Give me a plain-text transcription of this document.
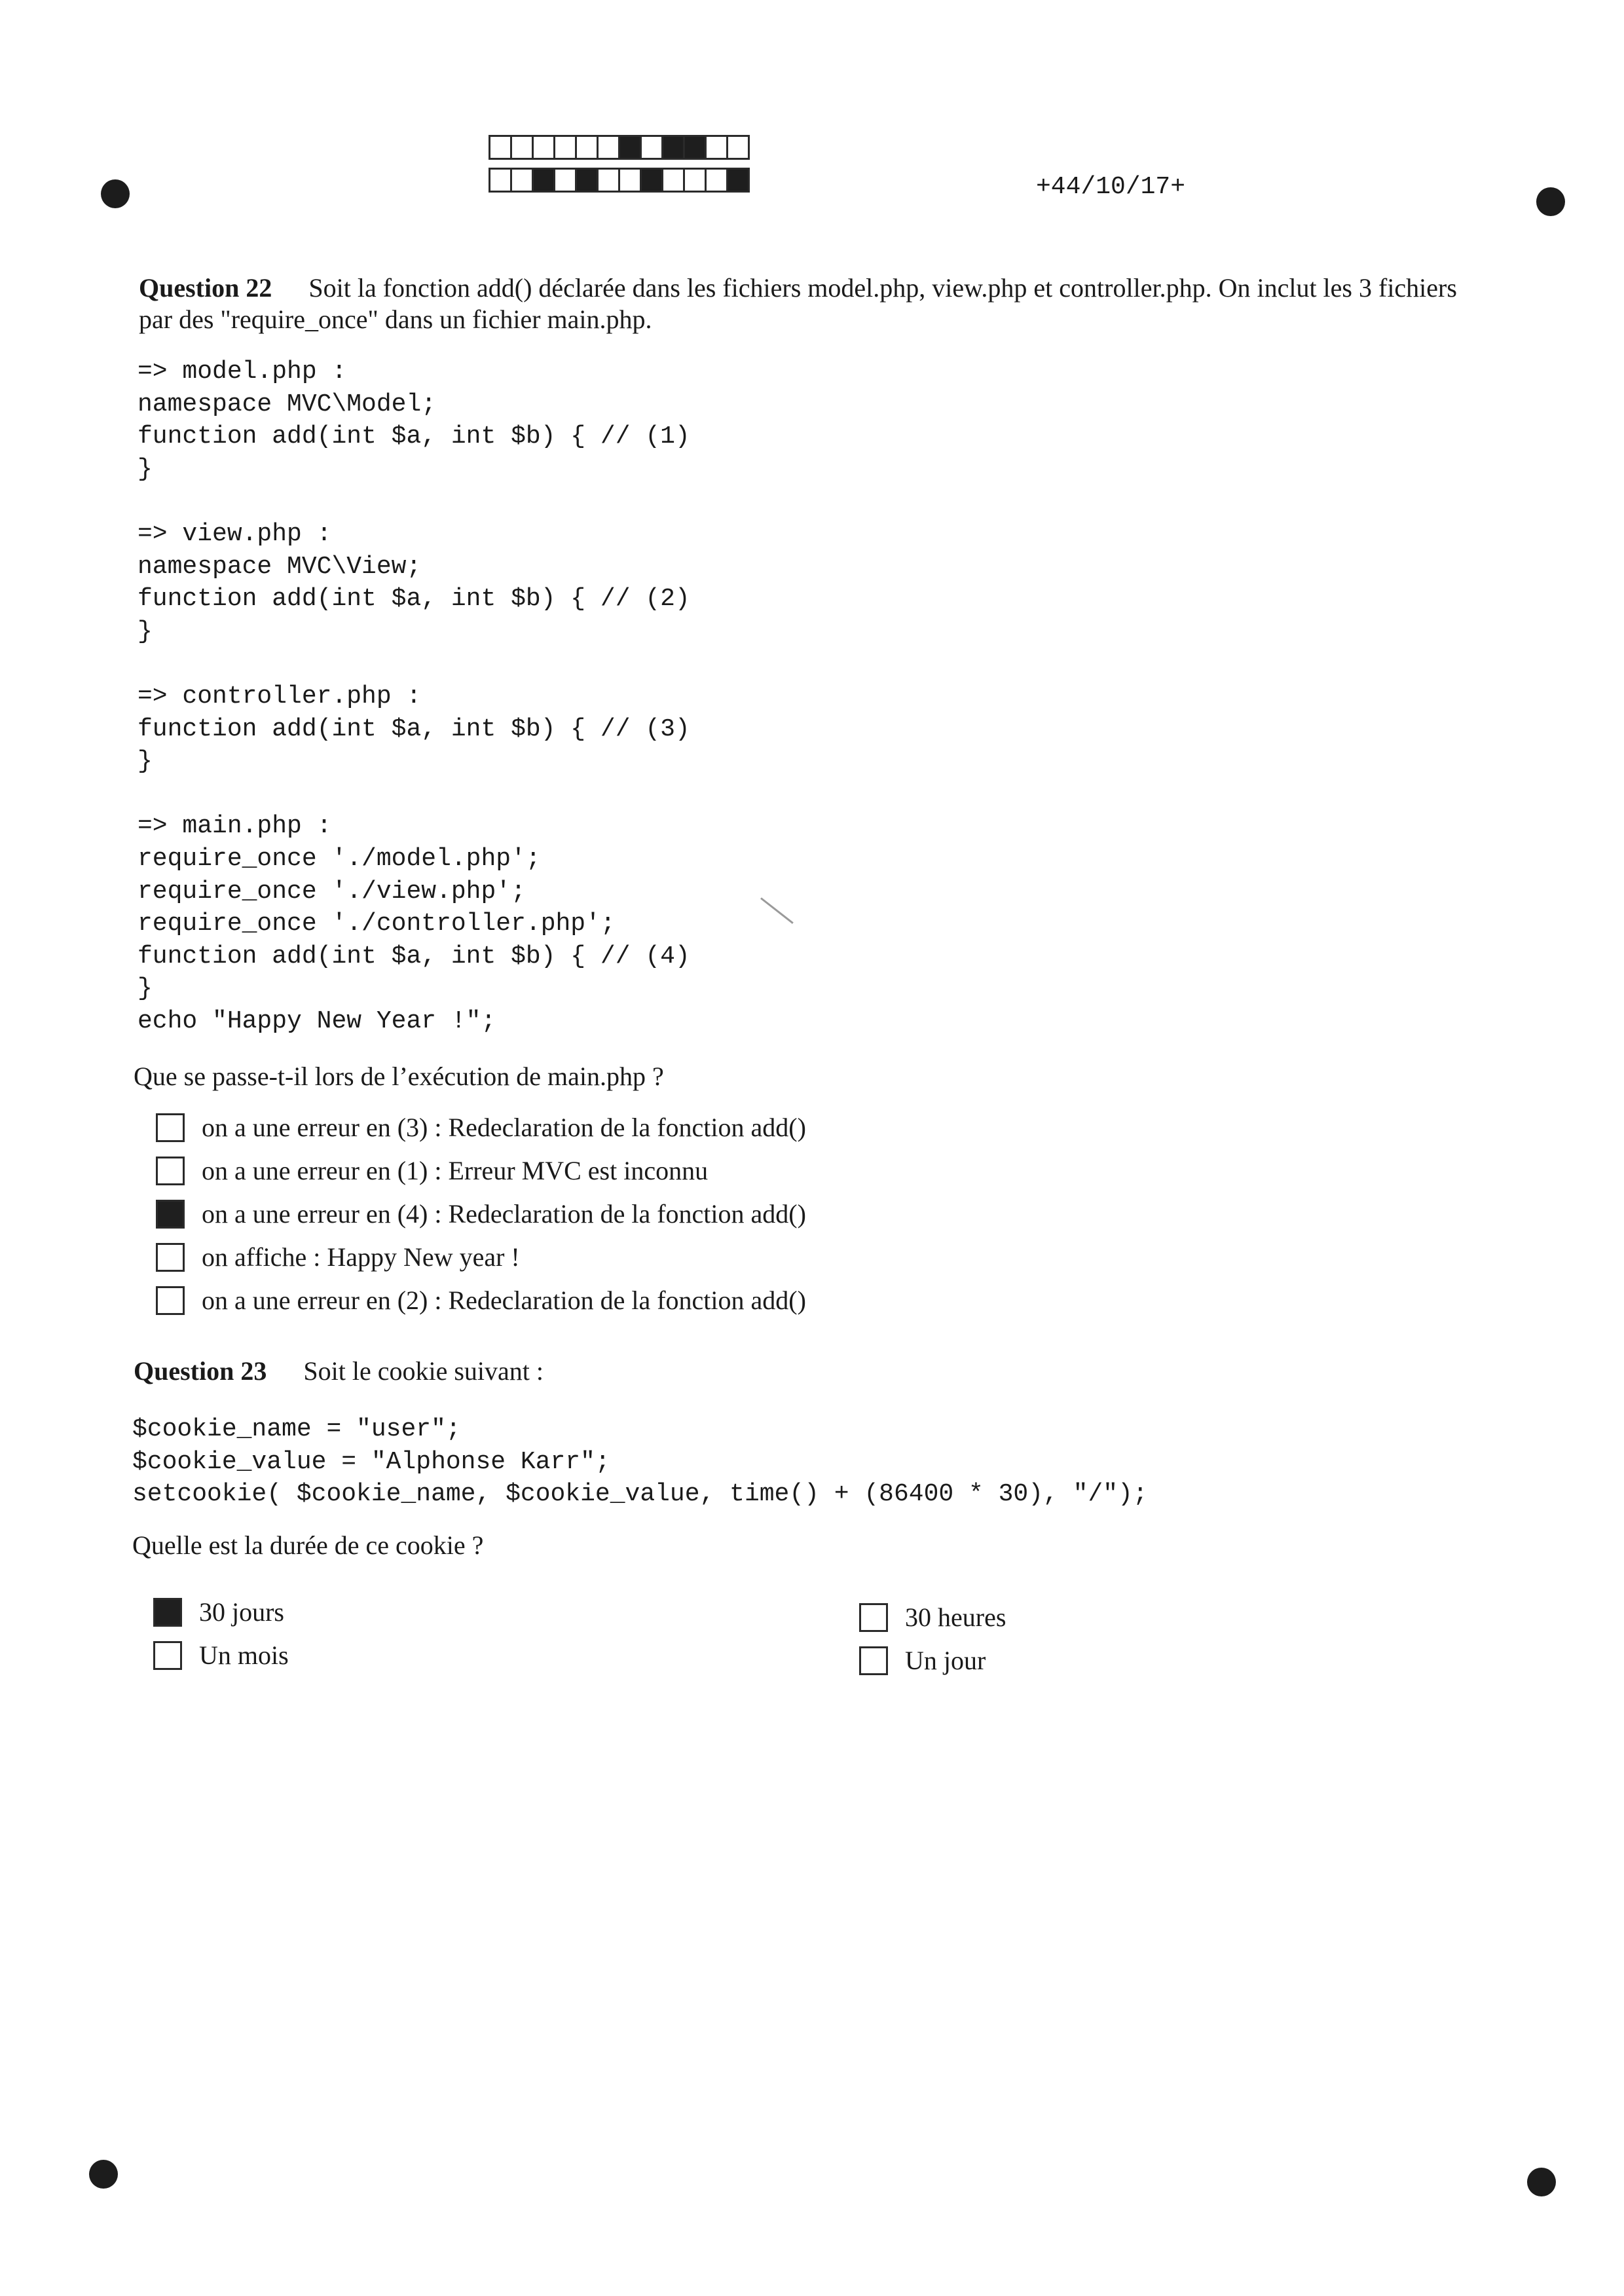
+44/10/17+
Question 22 Soit la fonction add() déclarée dans les fichiers model.php, view.php et controller.php. On inclut les 3 fichiers
par des "require_once" dans un fichier main.php.
=> model.php :
namespace MVC\Model;
function add(int $a, int $b) { // (1)
}

=> view.php :
namespace MVC\View;
function add(int $a, int $b) { // (2)
}

=> controller.php :
function add(int $a, int $b) { // (3)
}

=> main.php :
require_once './model.php';
require_once './view.php';
require_once './controller.php';
function add(int $a, int $b) { // (4)
}
echo "Happy New Year !";
Que se passe-t-il lors de l’exécution de main.php ?
on a une erreur en (3) : Redeclaration de la fonction add()
on a une erreur en (1) : Erreur MVC est inconnu
on a une erreur en (4) : Redeclaration de la fonction add()
on affiche : Happy New year !
on a une erreur en (2) : Redeclaration de la fonction add()
Question 23 Soit le cookie suivant :
$cookie_name = "user";
$cookie_value = "Alphonse Karr";
setcookie( $cookie_name, $cookie_value, time() + (86400 * 30), "/");
Quelle est la durée de ce cookie ?
30 jours
Un mois
30 heures
Un jour
